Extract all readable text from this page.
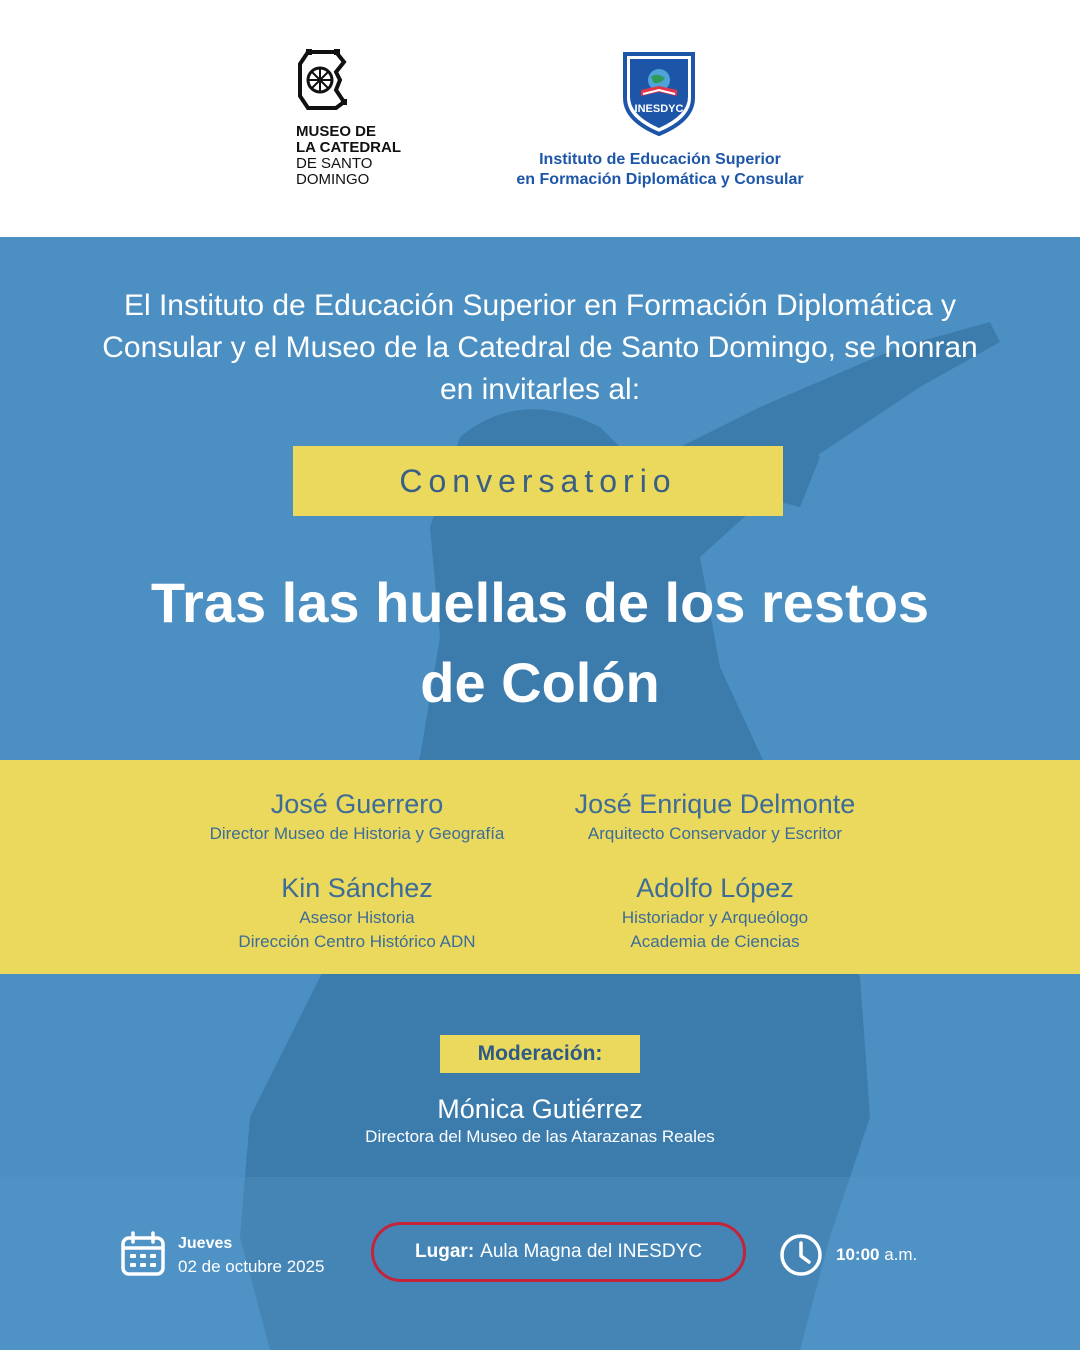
MUSEO DE
LA CATEDRAL
DE SANTO
DOMINGO
INESDYC
Instituto de Educación Superior
en Formación Diplomática y Consular
El Instituto de Educación Superior en Formación Diplomática y
Consular y el Museo de la Catedral de Santo Domingo, se honran
en invitarles al:
Conversatorio
Tras las huellas de los restos
de Colón
José Guerrero
Director Museo de Historia y Geografía
José Enrique Delmonte
Arquitecto Conservador y Escritor
Kin Sánchez
Asesor Historia
Dirección Centro Histórico ADN
Adolfo López
Historiador y Arqueólogo
Academia de Ciencias
Moderación:
Mónica Gutiérrez
Directora del Museo de las Atarazanas Reales
Jueves
02 de octubre 2025
Lugar: Aula Magna del INESDYC	10:00 a.m.
